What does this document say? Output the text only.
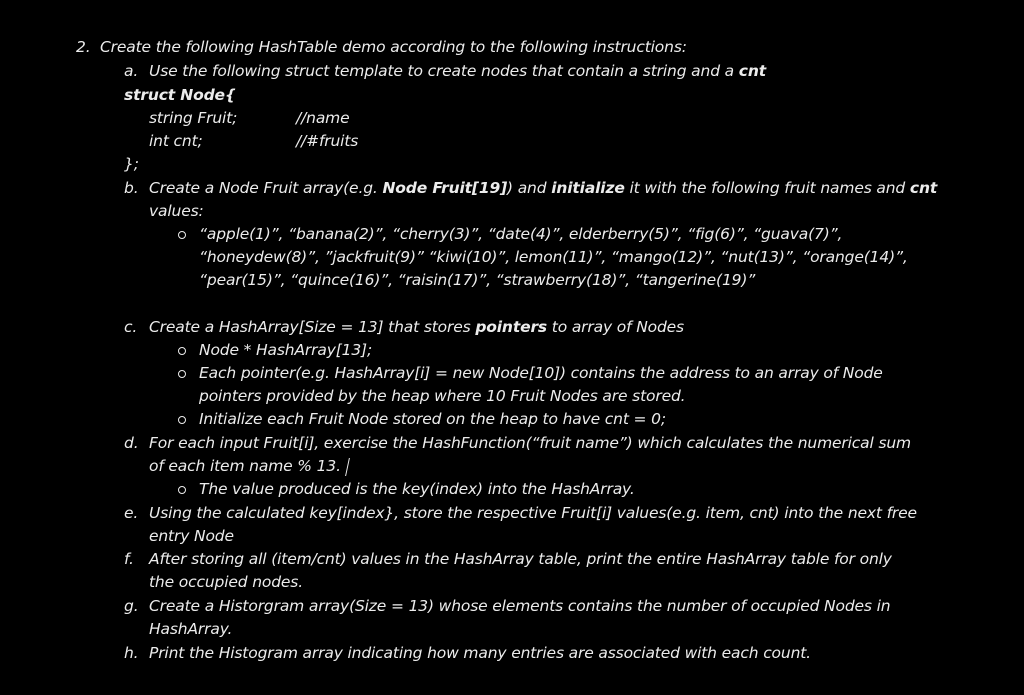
2. Create the following HashTable demo according to the following instructions:
a. Use the following struct template to create nodes that contain a string and a cnt
struct Node{
string Fruit;	//name
int cnt;	//#fruits
};
b. Create a Node Fruit array(e.g. Node Fruit[19]) and initialize it with the following fruit names and cnt
values:
“apple(1)”, “banana(2)”, “cherry(3)”, “date(4)”, elderberry(5)”, “fig(6)”, “guava(7)”,
“honeydew(8)”, ”jackfruit(9)” “kiwi(10)”, lemon(11)”, “mango(12)”, “nut(13)”, “orange(14)”,
“pear(15)”, “quince(16)”, “raisin(17)”, “strawberry(18)”, “tangerine(19)”
c. Create a HashArray[Size = 13] that stores pointers to array of Nodes
Node * HashArray[13];
Each pointer(e.g. HashArray[i] = new Node[10]) contains the address to an array of Node
pointers provided by the heap where 10 Fruit Nodes are stored.
Initialize each Fruit Node stored on the heap to have cnt = 0;
d. For each input Fruit[i], exercise the HashFunction(“fruit name”) which calculates the numerical sum
of each item name % 13.
The value produced is the key(index) into the HashArray.
e. Using the calculated key[index}, store the respective Fruit[i] values(e.g. item, cnt) into the next free
entry Node
f. After storing all (item/cnt) values in the HashArray table, print the entire HashArray table for only
the occupied nodes.
g. Create a Historgram array(Size = 13) whose elements contains the number of occupied Nodes in
HashArray.
h. Print the Histogram array indicating how many entries are associated with each count.
